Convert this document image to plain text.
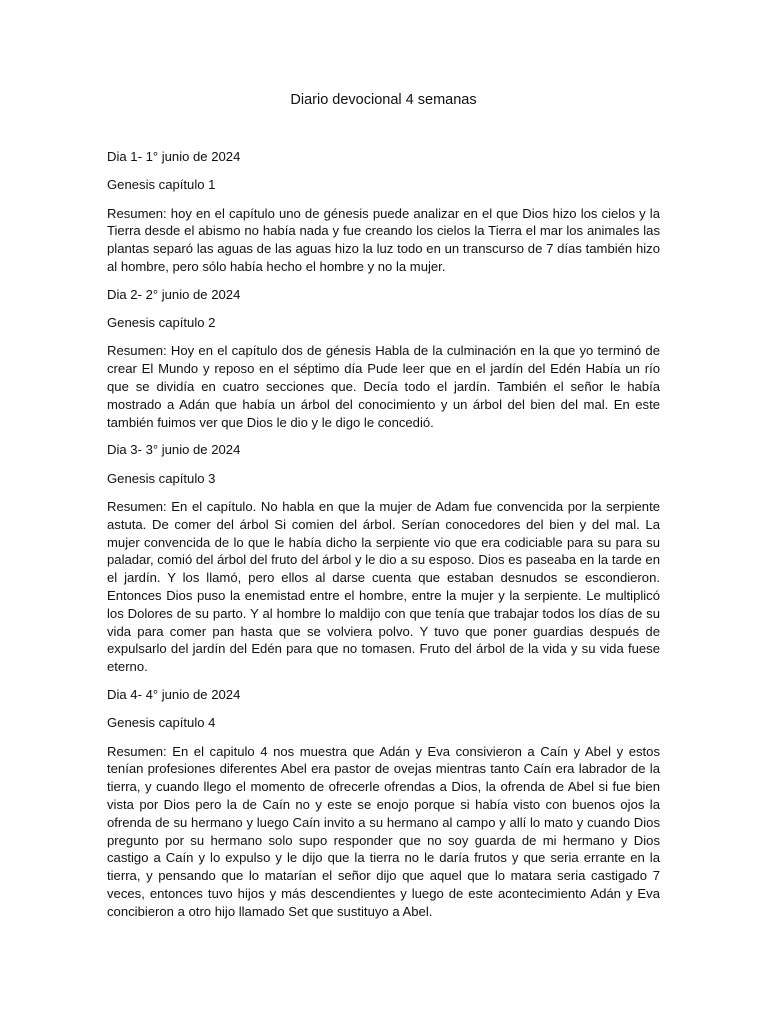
Diario devocional 4 semanas

Dia 1- 1° junio de 2024

Genesis capítulo 1

Resumen: hoy en el capítulo uno de génesis puede analizar en el que Dios hizo los cielos y la Tierra desde el abismo no había nada y fue creando los cielos la Tierra el mar los animales las plantas separó las aguas de las aguas hizo la luz todo en un transcurso de 7 días también hizo al hombre, pero sólo había hecho el hombre y no la mujer.

Dia 2- 2° junio de 2024

Genesis capítulo 2

Resumen: Hoy en el capítulo dos de génesis Habla de la culminación en la que yo terminó de crear El Mundo y reposo en el séptimo día Pude leer que en el jardín del Edén Había un río que se dividía en cuatro secciones que. Decía todo el jardín. También el señor le había mostrado a Adán que había un árbol del conocimiento y un árbol del bien del mal. En este también fuimos ver que Dios le dio y le digo le concedió.

Dia 3- 3° junio de 2024

Genesis capítulo 3

Resumen: En el capítulo. No habla en que la mujer de Adam fue convencida por la serpiente astuta. De comer del árbol Si comien del árbol. Serían conocedores del bien y del mal. La mujer convencida de lo que le había dicho la serpiente vio que era codiciable para su para su paladar, comió del árbol del fruto del árbol y le dio a su esposo. Dios es paseaba en la tarde en el jardín. Y los llamó, pero ellos al darse cuenta que estaban desnudos se escondieron. Entonces Dios puso la enemistad entre el hombre, entre la mujer y la serpiente. Le multiplicó los Dolores de su parto. Y al hombre lo maldijo con que tenía que trabajar todos los días de su vida para comer pan hasta que se volviera polvo. Y tuvo que poner guardias después de expulsarlo del jardín del Edén para que no tomasen. Fruto del árbol de la vida y su vida fuese eterno.

Dia 4- 4° junio de 2024

Genesis capítulo 4

Resumen: En el capitulo 4 nos muestra que Adán y Eva consivieron a Caín y Abel y estos tenían profesiones diferentes Abel era pastor de ovejas mientras tanto Caín era labrador de la tierra, y cuando llego el momento de ofrecerle ofrendas a Dios, la ofrenda de Abel si fue bien vista por Dios pero la de Caín no y este se enojo porque si había visto con buenos ojos la ofrenda de su hermano y luego Caín invito a su hermano al campo y allí lo mato y cuando Dios pregunto por su hermano solo supo responder que no soy guarda de mi hermano y Dios castigo a Caín y lo expulso y le dijo que la tierra no le daría frutos y que seria errante en la tierra, y pensando que lo matarían el señor dijo que aquel que lo matara seria castigado 7 veces, entonces tuvo hijos y más descendientes y luego de este acontecimiento Adán y Eva concibieron a otro hijo llamado Set que sustituyo a Abel.
